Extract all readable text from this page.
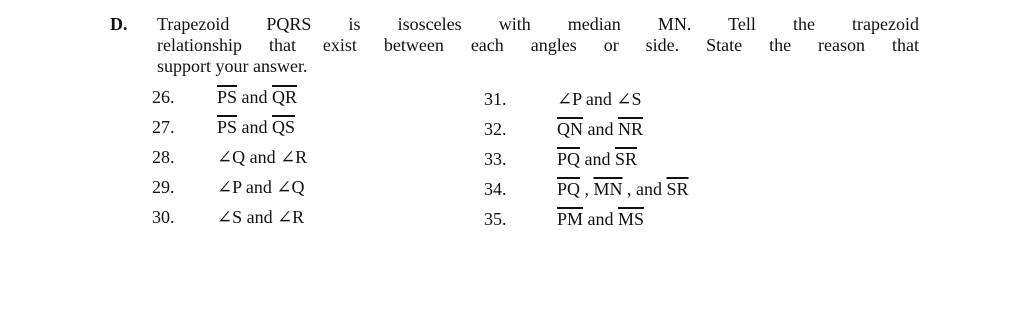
D. Trapezoid PQRS is isosceles with median MN. Tell the trapezoid
relationship that exist between each angles or side. State the reason that
support your answer.
26. $\overline{PS}$ and $\overline{QR}$
27. $\overline{PS}$ and $\overline{QS}$
28. ∠Q and ∠R
29. ∠P and ∠Q
30. ∠S and ∠R
31.	∠P and ∠S
32.	$\overline{QN}$ and $\overline{NR}$
33.	$\overline{PQ}$ and $\overline{SR}$
34.	$\overline{PQ}$ , $\overline{MN}$ , and $\overline{SR}$
35.	$\overline{PM}$ and $\overline{MS}$
